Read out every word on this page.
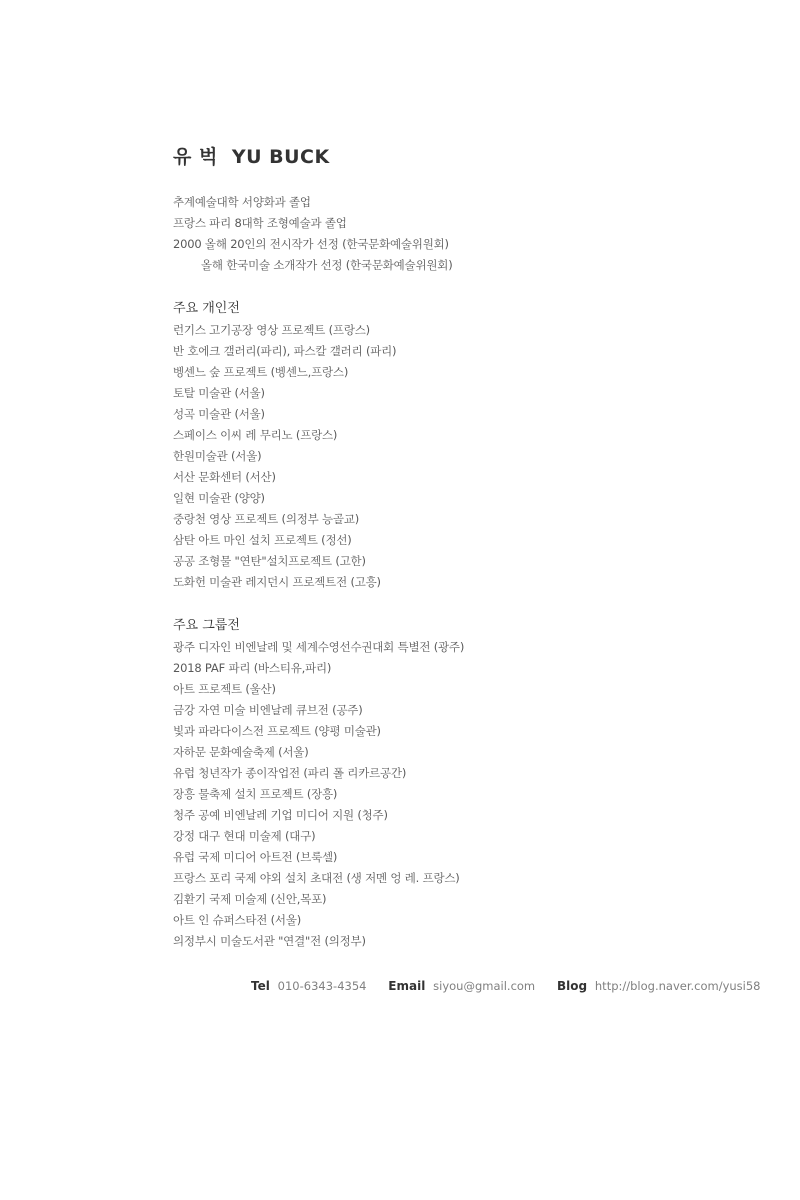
유 벅 YU BUCK
추계예술대학 서양화과 졸업
프랑스 파리 8대학 조형예술과 졸업
2000 올해 20인의 전시작가 선정 (한국문화예술위원회)
올해 한국미술 소개작가 선정 (한국문화예술위원회)
주요 개인전
런기스 고기공장 영상 프로젝트 (프랑스)
반 호에크 갤러리(파리), 파스칼 갤러리 (파리)
벵센느 숲 프로젝트 (벵센느,프랑스)
토탈 미술관 (서울)
성곡 미술관 (서울)
스페이스 이씨 레 무리노 (프랑스)
한원미술관 (서울)
서산 문화센터 (서산)
일현 미술관 (양양)
중랑천 영상 프로젝트 (의정부 능골교)
삼탄 아트 마인 설치 프로젝트 (정선)
공공 조형물 "연탄"설치프로젝트 (고한)
도화헌 미술관 레지던시 프로젝트전 (고흥)
주요 그룹전
광주 디자인 비엔날레 및 세계수영선수권대회 특별전 (광주)
2018 PAF 파리 (바스티유,파리)
아트 프로젝트 (울산)
금강 자연 미술 비엔날레 큐브전 (공주)
빛과 파라다이스전 프로젝트 (양평 미술관)
자하문 문화예술축제 (서울)
유럽 청년작가 종이작업전 (파리 폴 리카르공간)
장흥 물축제 설치 프로젝트 (장흥)
청주 공예 비엔날레 기업 미디어 지원 (청주)
강정 대구 현대 미술제 (대구)
유럽 국제 미디어 아트전 (브룩셀)
프랑스 포리 국제 야외 설치 초대전 (생 저멘 엉 레. 프랑스)
김환기 국제 미술제 (신안,목포)
아트 인 슈퍼스타전 (서울)
의정부시 미술도서관 "연결"전 (의정부)
Tel 010-6343-4354 Email siyou@gmail.com Blog http://blog.naver.com/yusi58
